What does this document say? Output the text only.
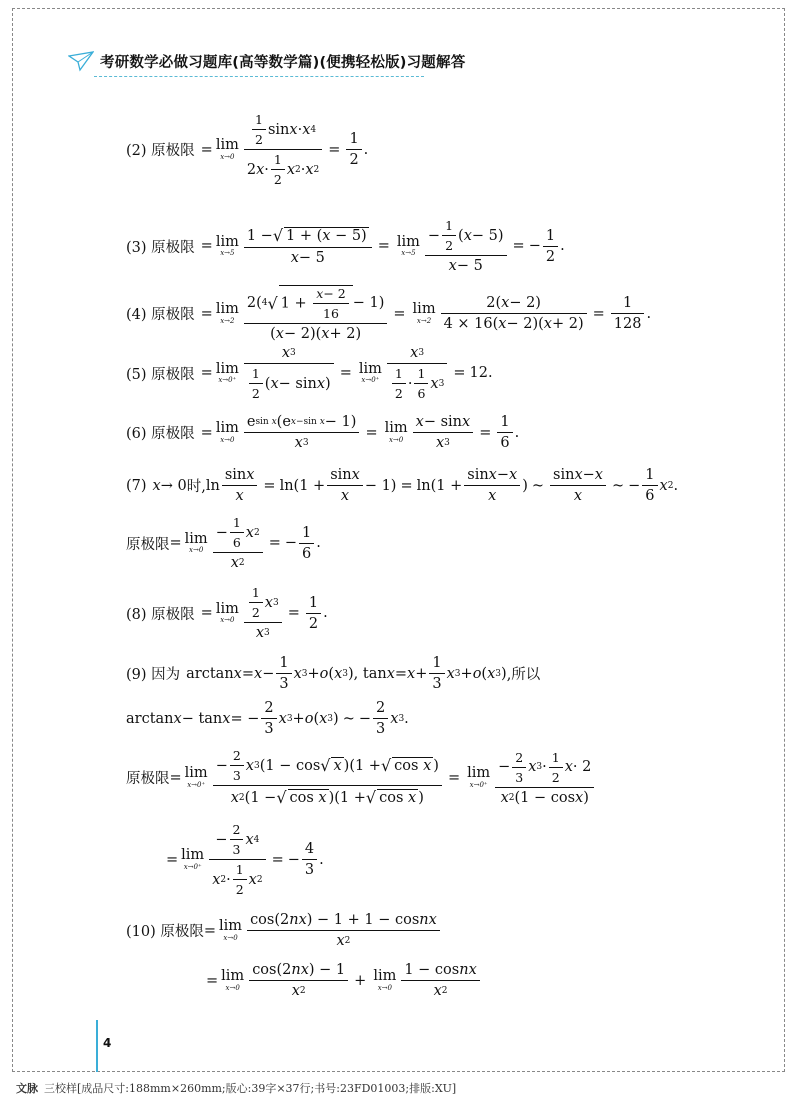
考研数学必做习题库(高等数学篇)(便携轻松版)习题解答
(2) 原极限 = lim
$x\to 0 \frac{\frac{1}{2} \sin x \cdot x 4}{2 x \cdot \frac{1}{2} x 2 \cdot x 2} = \frac{1}{2}$ .
(3) 原极限 = lim
$x\to 5 \frac{1 - √ 1 + (x - 5)}{x - 5} = \lim$
$x\to 5 \frac{- \frac{1}{2} ( x - 5)}{x - 5}$ = − $\frac{1}{2}$ .
(4) 原极限 = lim
$x\to 2 \frac{2( 4 √ 1 + \frac{x - 2}{16} - 1)}{( x - 2)( x + 2)} = \lim$
$x\to 2 \frac{2( x - 2)}{4 \times 16( x - 2)( x + 2)} = \frac{1}{128}$ .
(5) 原极限 = lim
$x\to 0^+ \frac{x 3}{\frac{1}{2} ( x - \sin x )} = \lim$
$x\to 0^+ \frac{x 3}{\frac{1}{2} \cdot \frac{1}{6} x 3} = 12$ .
(6) 原极限 = lim
$x\to 0 \frac{\text{e sin x (e x−sin x − 1)}}{x 3} = \lim$
$x\to 0 \frac{\text{x − sin x}}{x 3} = \frac{1}{6}$ .
(7) x → 0 时, $\ln \frac{\text{sin x}}{x} = \ln(1 + \frac{\text{sin x}}{x} - 1) = \ln(1 + \frac{\text{sin x − x}}{x}$ ) ~ $\frac{\text{sin x − x}}{x}$ ~ − $\frac{1}{6}$ x 2 .
原极限 = lim
$x\to 0 \frac{- \frac{1}{6} x 2}{x 2}$ = − $\frac{1}{6}$ .
(8) 原极限 = lim
$x\to 0 \frac{\frac{1}{2} x 3}{x 3} = \frac{1}{2}$ .
(9) 因为 $\arctan x = x - \frac{1}{3}$ x 3 + o ( x 3 ), $\tan x = x + \frac{1}{3}$ x 3 + o ( x 3 ) ,所以
arctan x − tan x = − $\frac{2}{3}$ x 3 + o ( x 3 ) ~ − $\frac{2}{3}$ x 3 .
原极限 = lim
$x\to 0^+ \frac{- \frac{2}{3} x 3 (1 - \cos √ x )(1 + √ \cos x )}{\text{x 2 (1 − √ cos x )(1 + √ cos x )}} = \lim$
$x\to 0^+ \frac{- \frac{2}{3} x 3 \cdot \frac{1}{2} x \cdot 2}{\text{x 2 (1 − cos x )}}$
= lim
$x\to 0^+ \frac{- \frac{2}{3} x 4}{x 2 \cdot \frac{1}{2} x 2}$ = − $\frac{4}{3}$ .
(10) 原极限 = lim
$x\to 0 \frac{\text{cos(2 nx ) − 1 + 1 − cos nx}}{x 2}$
= lim
$x\to 0 \frac{\cos(2 nx ) - 1}{x 2} + \lim$
$x\to 0 \frac{\text{1 − cos nx}}{x 2}$
4
文脉 三校样[成品尺寸:188mm×260mm;版心:39字×37行;书号:23FD01003;排版:XU]
